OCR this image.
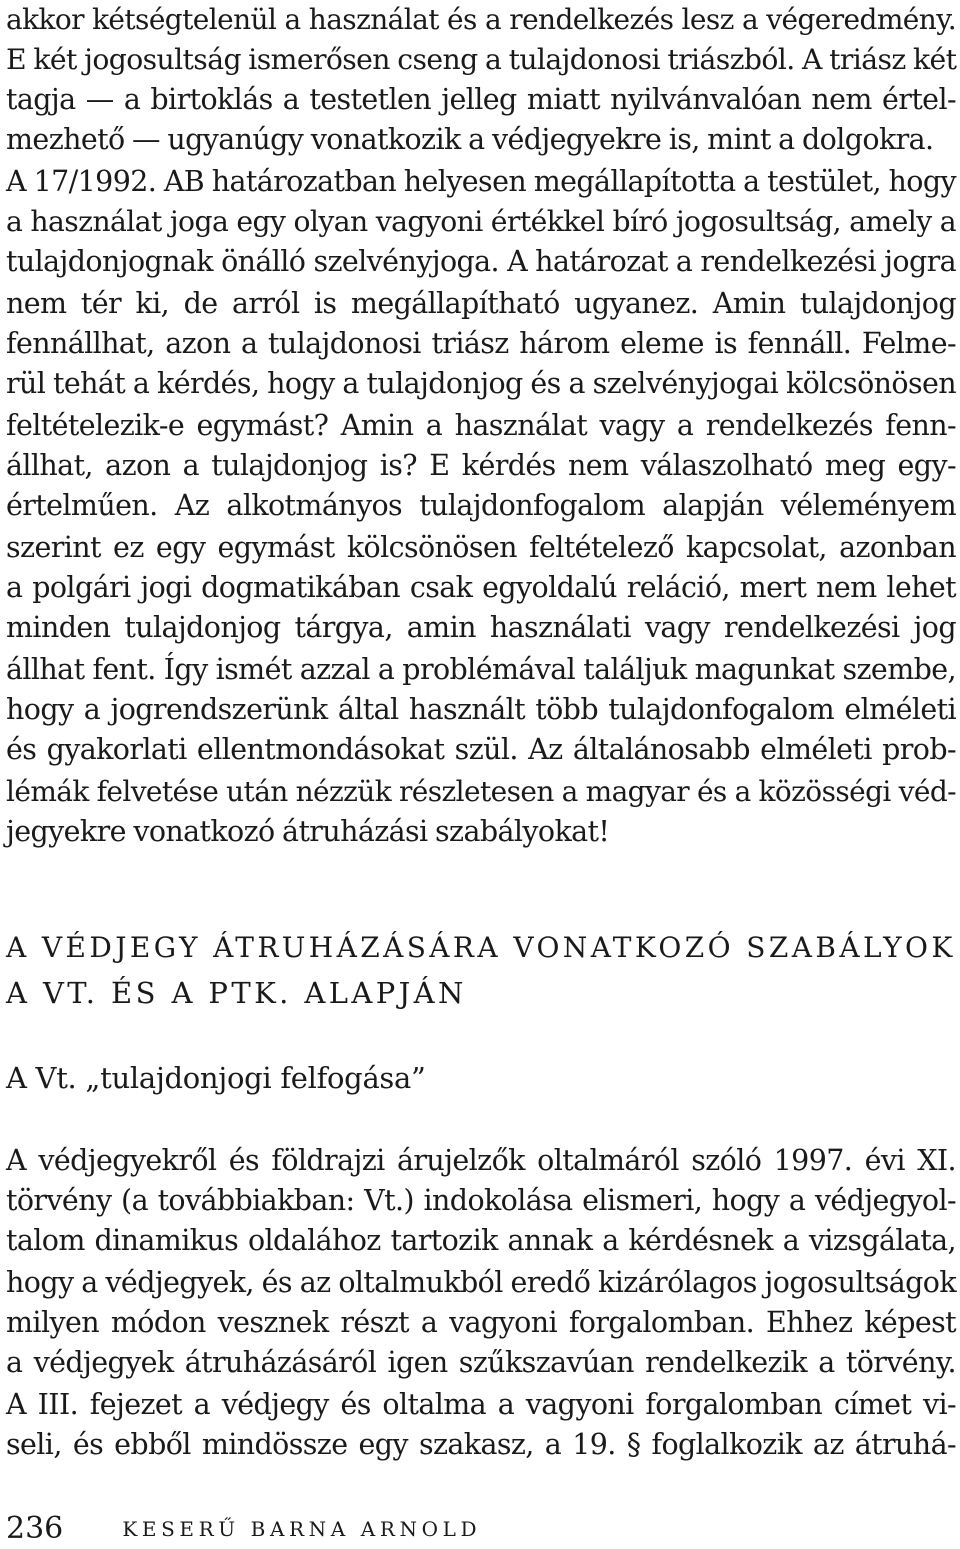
akkor kétségtelenül a használat és a rendelkezés lesz a végeredmény.
E két jogosultság ismerősen cseng a tulajdonosi triászból. A triász két
tagja — a birtoklás a testetlen jelleg miatt nyilvánvalóan nem értel-
mezhető — ugyanúgy vonatkozik a védjegyekre is, mint a dolgokra.
A 17/1992. AB határozatban helyesen megállapította a testület, hogy
a használat joga egy olyan vagyoni értékkel bíró jogosultság, amely a
tulajdonjognak önálló szelvényjoga. A határozat a rendelkezési jogra
nem tér ki, de arról is megállapítható ugyanez. Amin tulajdonjog
fennállhat, azon a tulajdonosi triász három eleme is fennáll. Felme-
rül tehát a kérdés, hogy a tulajdonjog és a szelvényjogai kölcsönösen
feltételezik-e egymást? Amin a használat vagy a rendelkezés fenn-
állhat, azon a tulajdonjog is? E kérdés nem válaszolható meg egy-
értelműen. Az alkotmányos tulajdonfogalom alapján véleményem
szerint ez egy egymást kölcsönösen feltételező kapcsolat, azonban
a polgári jogi dogmatikában csak egyoldalú reláció, mert nem lehet
minden tulajdonjog tárgya, amin használati vagy rendelkezési jog
állhat fent. Így ismét azzal a problémával találjuk magunkat szembe,
hogy a jogrendszerünk által használt több tulajdonfogalom elméleti
és gyakorlati ellentmondásokat szül. Az általánosabb elméleti prob-
lémák felvetése után nézzük részletesen a magyar és a közösségi véd-
jegyekre vonatkozó átruházási szabályokat!
A VÉDJEGY ÁTRUHÁZÁSÁRA VONATKOZÓ SZABÁLYOK
A VT. ÉS A PTK. ALAPJÁN
A Vt. „tulajdonjogi felfogása”
A védjegyekről és földrajzi árujelzők oltalmáról szóló 1997. évi XI.
törvény (a továbbiakban: Vt.) indokolása elismeri, hogy a védjegyol-
talom dinamikus oldalához tartozik annak a kérdésnek a vizsgálata,
hogy a védjegyek, és az oltalmukból eredő kizárólagos jogosultságok
milyen módon vesznek részt a vagyoni forgalomban. Ehhez képest
a védjegyek átruházásáról igen szűkszavúan rendelkezik a törvény.
A III. fejezet a védjegy és oltalma a vagyoni forgalomban címet vi-
seli, és ebből mindössze egy szakasz, a 19. § foglalkozik az átruhá-
236	KESERŰ BARNA ARNOLD
